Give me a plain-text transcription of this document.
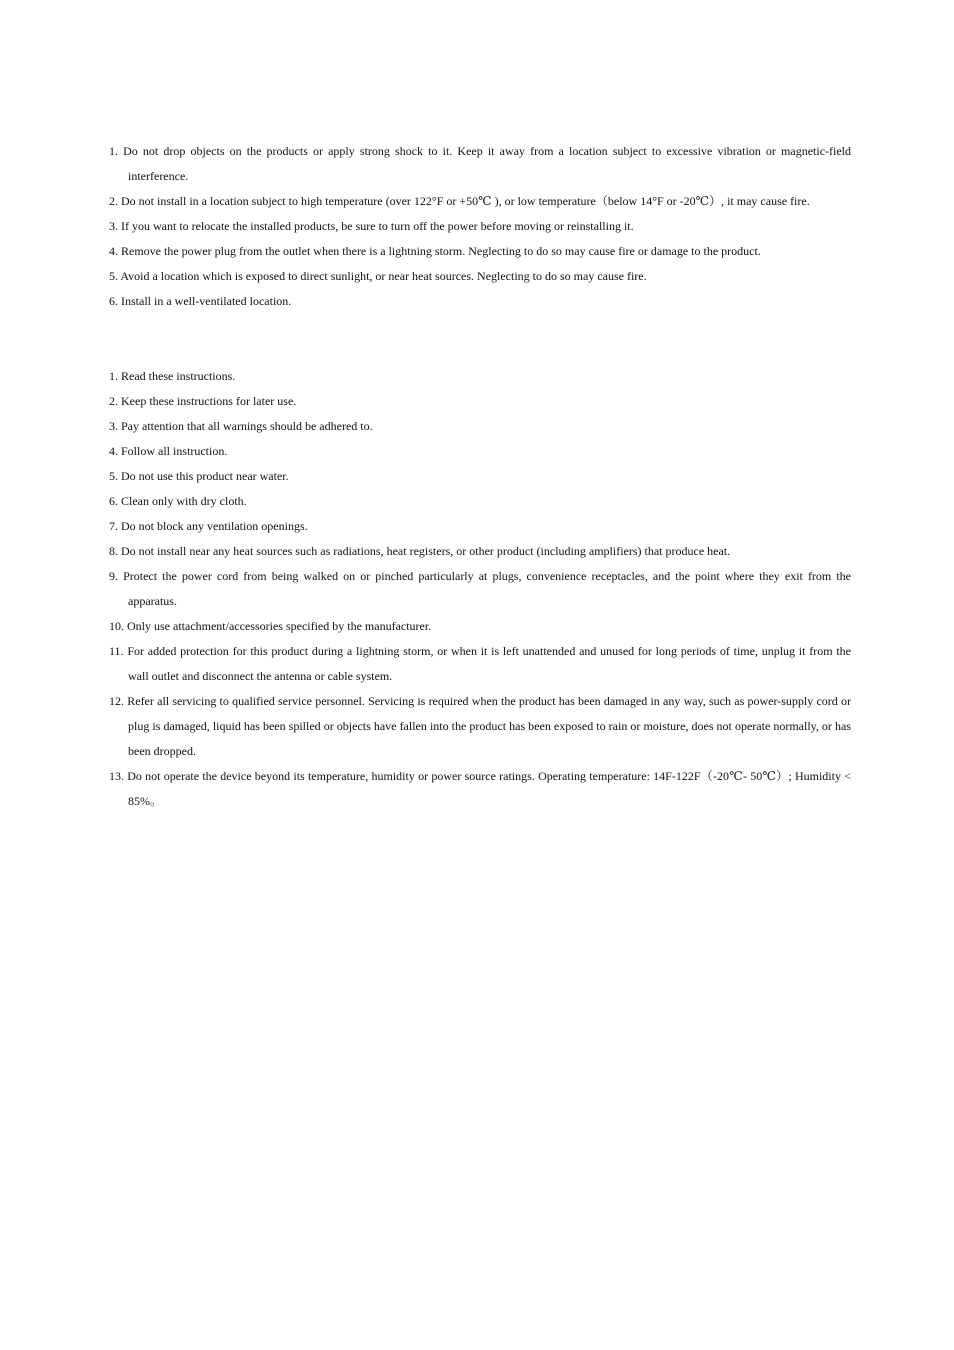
1. Do not drop objects on the products or apply strong shock to it. Keep it away from a location subject to excessive vibration or magnetic-field interference.
2. Do not install in a location subject to high temperature (over 122°F or +50℃ ), or low temperature（below 14°F or -20℃）, it may cause fire.
3. If you want to relocate the installed products, be sure to turn off the power before moving or reinstalling it.
4. Remove the power plug from the outlet when there is a lightning storm. Neglecting to do so may cause fire or damage to the product.
5. Avoid a location which is exposed to direct sunlight, or near heat sources. Neglecting to do so may cause fire.
6. Install in a well-ventilated location.
1. Read these instructions.
2. Keep these instructions for later use.
3. Pay attention that all warnings should be adhered to.
4. Follow all instruction.
5. Do not use this product near water.
6. Clean only with dry cloth.
7. Do not block any ventilation openings.
8. Do not install near any heat sources such as radiations, heat registers, or other product (including amplifiers) that produce heat.
9. Protect the power cord from being walked on or pinched particularly at plugs, convenience receptacles, and the point where they exit from the apparatus.
10. Only use attachment/accessories specified by the manufacturer.
11. For added protection for this product during a lightning storm, or when it is left unattended and unused for long periods of time, unplug it from the wall outlet and disconnect the antenna or cable system.
12. Refer all servicing to qualified service personnel. Servicing is required when the product has been damaged in any way, such as power-supply cord or plug is damaged, liquid has been spilled or objects have fallen into the product has been exposed to rain or moisture, does not operate normally, or has been dropped.
13. Do not operate the device beyond its temperature, humidity or power source ratings. Operating temperature: 14F-122F（-20℃- 50℃）; Humidity < 85%。
